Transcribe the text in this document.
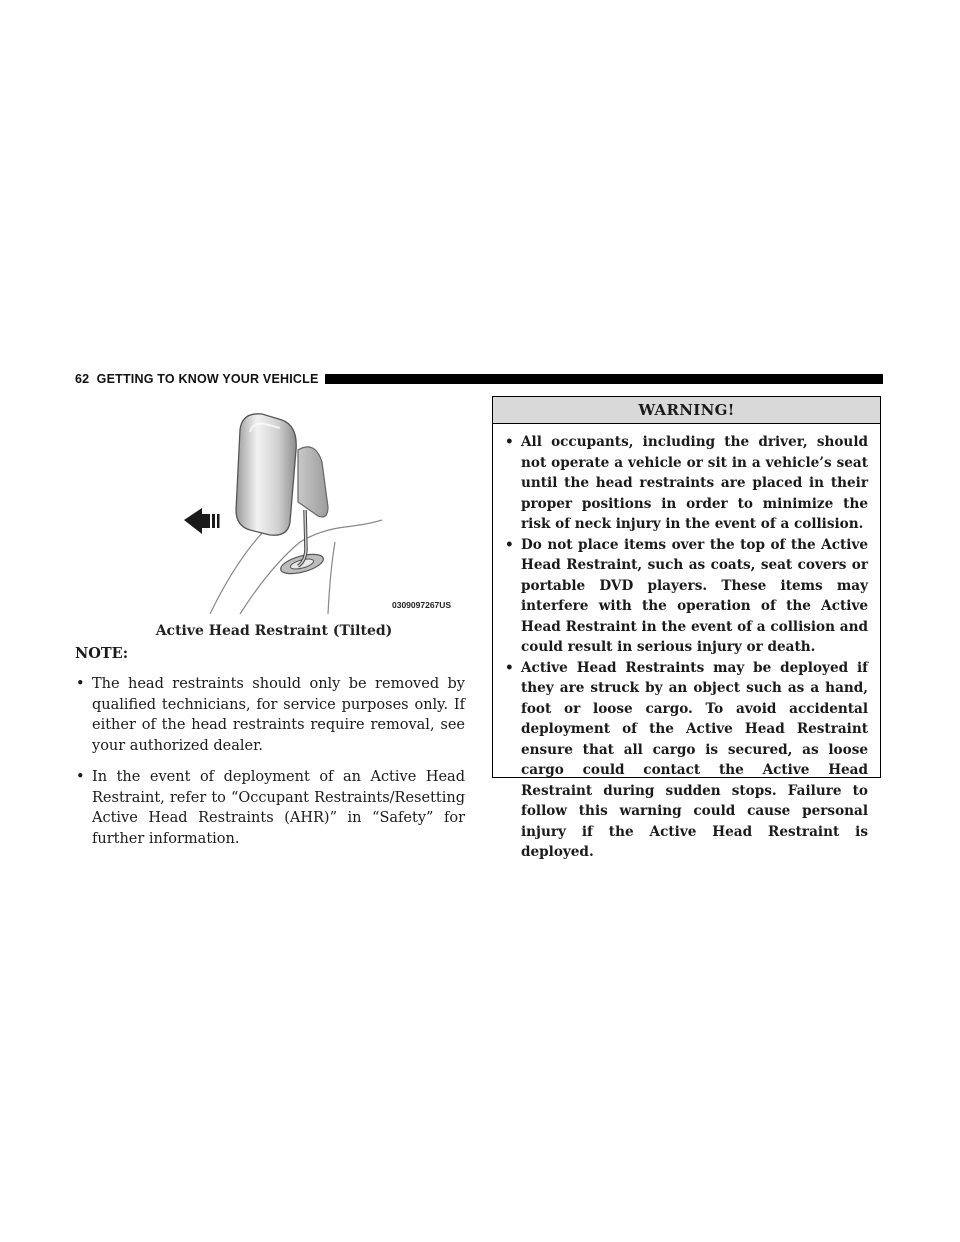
62 GETTING TO KNOW YOUR VEHICLE
0309097267US
Active Head Restraint (Tilted)
NOTE:
• The head restraints should only be removed by qualified technicians, for service purposes only. If either of the head restraints require removal, see your authorized dealer.
• In the event of deployment of an Active Head Restraint, refer to “Occupant Restraints/Resetting Active Head Restraints (AHR)” in “Safety” for further information.
WARNING!
• All occupants, including the driver, should not operate a vehicle or sit in a vehicle’s seat until the head restraints are placed in their proper positions in order to minimize the risk of neck injury in the event of a collision.
• Do not place items over the top of the Active Head Restraint, such as coats, seat covers or portable DVD players. These items may interfere with the operation of the Active Head Restraint in the event of a collision and could result in serious injury or death.
• Active Head Restraints may be deployed if they are struck by an object such as a hand, foot or loose cargo. To avoid accidental deployment of the Active Head Restraint ensure that all cargo is secured, as loose cargo could contact the Active Head Restraint during sudden stops. Failure to follow this warning could cause personal injury if the Active Head Restraint is deployed.
